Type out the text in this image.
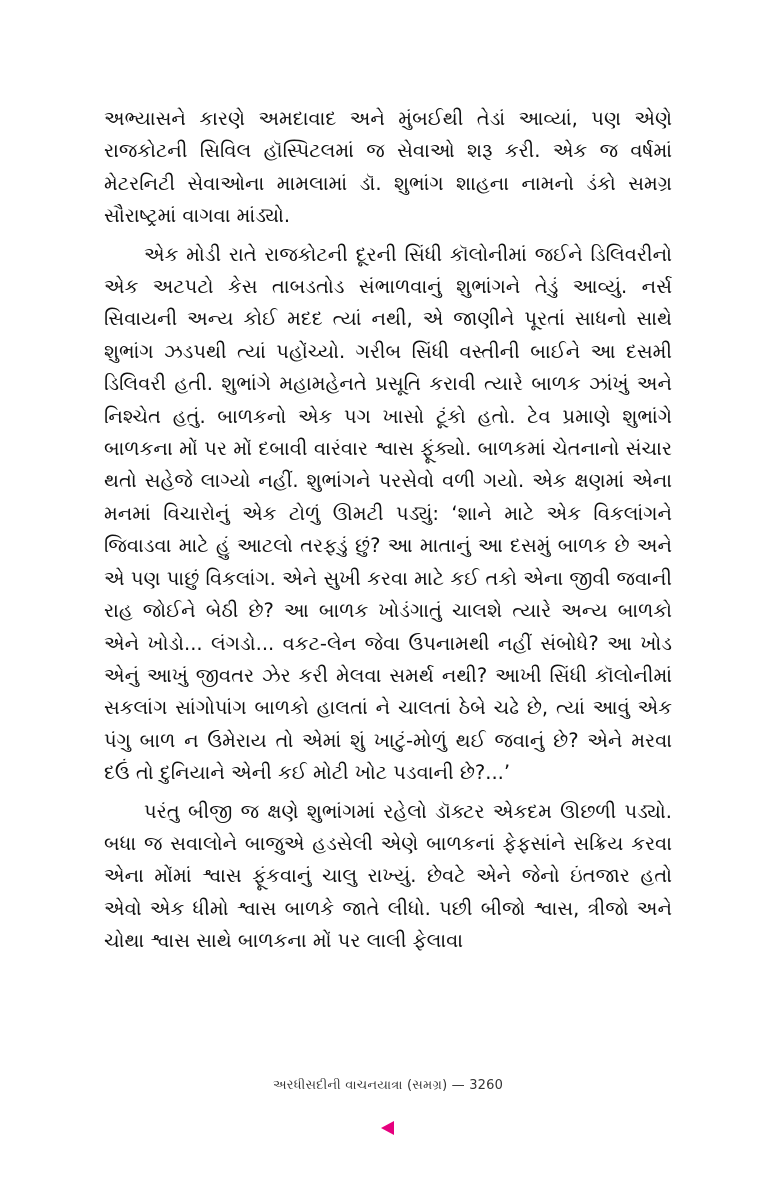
અભ્યાસને કારણે અમદાવાદ અને મુંબઈથી તેડાં આવ્યાં, પણ એણે રાજકોટની સિવિલ હૉસ્પિટલમાં જ સેવાઓ શરૂ કરી. એક જ વર્ષમાં મેટરનિટી સેવાઓના મામલામાં ડૉ. શુભાંગ શાહના નામનો ડંકો સમગ્ર સૌરાષ્ટ્રમાં વાગવા માંડ્યો.

એક મોડી રાતે રાજકોટની દૂરની સિંધી કૉલોનીમાં જઈને ડિલિવરીનો એક અટપટો કેસ તાબડતોડ સંભાળવાનું શુભાંગને તેડું આવ્યું. નર્સ સિવાયની અન્ય કોઈ મદદ ત્યાં નથી, એ જાણીને પૂરતાં સાધનો સાથે શુભાંગ ઝડપથી ત્યાં પહોંચ્યો. ગરીબ સિંધી વસ્તીની બાઈને આ દસમી ડિલિવરી હતી. શુભાંગે મહામહેનતે પ્રસૂતિ કરાવી ત્યારે બાળક ઝાંખું અને નિશ્ચેત હતું. બાળકનો એક પગ ખાસો ટૂંકો હતો. ટેવ પ્રમાણે શુભાંગે બાળકના મોં પર મોં દબાવી વારંવાર શ્વાસ ફૂંક્યો. બાળકમાં ચેતનાનો સંચાર થતો સહેજે લાગ્યો નહીં. શુભાંગને પરસેવો વળી ગયો. એક ક્ષણમાં એના મનમાં વિચારોનું એક ટોળું ઊમટી પડ્યું: ‘શાને માટે એક વિકલાંગને જિવાડવા માટે હું આટલો તરફડું છું? આ માતાનું આ દસમું બાળક છે અને એ પણ પાછું વિકલાંગ. એને સુખી કરવા માટે કઈ તકો એના જીવી જવાની રાહ જોઈને બેઠી છે? આ બાળક ખોડંગાતું ચાલશે ત્યારે અન્ય બાળકો એને ખોડો... લંગડો... વકટ-લેન જેવા ઉપનામથી નહીં સંબોધે? આ ખોડ એનું આખું જીવતર ઝેર કરી મેલવા સમર્થ નથી? આખી સિંધી કૉલોનીમાં સકલાંગ સાંગોપાંગ બાળકો હાલતાં ને ચાલતાં ઠેબે ચઢે છે, ત્યાં આવું એક પંગુ બાળ ન ઉમેરાય તો એમાં શું ખાટું-મોળું થઈ જવાનું છે? એને મરવા દઉં તો દુનિયાને એની કઈ મોટી ખોટ પડવાની છે?...’

પરંતુ બીજી જ ક્ષણે શુભાંગમાં રહેલો ડૉક્ટર એકદમ ઊછળી પડ્યો. બધા જ સવાલોને બાજુએ હડસેલી એણે બાળકનાં ફેફસાંને સક્રિય કરવા એના મોંમાં શ્વાસ ફૂંકવાનું ચાલુ રાખ્યું. છેવટે એને જેનો ઇંતજાર હતો એવો એક ધીમો શ્વાસ બાળકે જાતે લીધો. પછી બીજો શ્વાસ, ત્રીજો અને ચોથા શ્વાસ સાથે બાળકના મોં પર લાલી ફેલાવા

અરધીસદીની વાચનયાત્રા (સમગ્ર) — 3260
